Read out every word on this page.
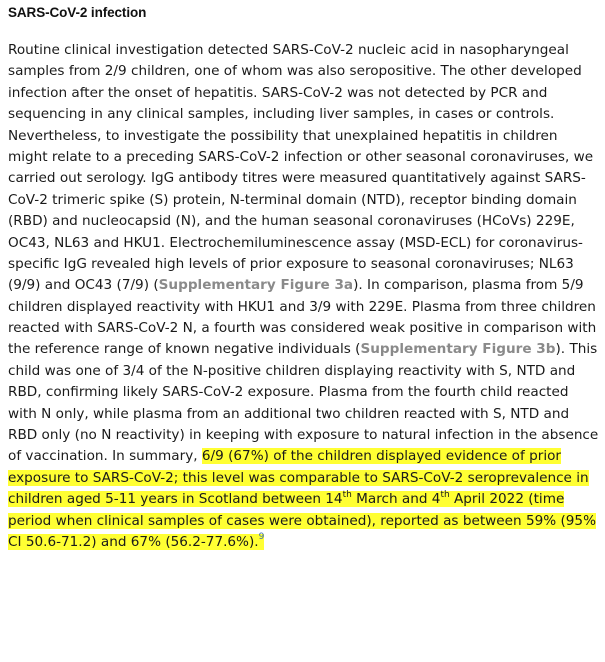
SARS-CoV-2 infection
Routine clinical investigation detected SARS-CoV-2 nucleic acid in nasopharyngeal
samples from 2/9 children, one of whom was also seropositive. The other developed
infection after the onset of hepatitis. SARS-CoV-2 was not detected by PCR and
sequencing in any clinical samples, including liver samples, in cases or controls.
Nevertheless, to investigate the possibility that unexplained hepatitis in children
might relate to a preceding SARS-CoV-2 infection or other seasonal coronaviruses, we
carried out serology. IgG antibody titres were measured quantitatively against SARS-
CoV-2 trimeric spike (S) protein, N-terminal domain (NTD), receptor binding domain
(RBD) and nucleocapsid (N), and the human seasonal coronaviruses (HCoVs) 229E,
OC43, NL63 and HKU1. Electrochemiluminescence assay (MSD-ECL) for coronavirus-
specific IgG revealed high levels of prior exposure to seasonal coronaviruses; NL63
(9/9) and OC43 (7/9) (Supplementary Figure 3a). In comparison, plasma from 5/9
children displayed reactivity with HKU1 and 3/9 with 229E. Plasma from three children
reacted with SARS-CoV-2 N, a fourth was considered weak positive in comparison with
the reference range of known negative individuals (Supplementary Figure 3b). This
child was one of 3/4 of the N-positive children displaying reactivity with S, NTD and
RBD, confirming likely SARS-CoV-2 exposure. Plasma from the fourth child reacted
with N only, while plasma from an additional two children reacted with S, NTD and
RBD only (no N reactivity) in keeping with exposure to natural infection in the absence
of vaccination. In summary, 6/9 (67%) of the children displayed evidence of prior
exposure to SARS-CoV-2; this level was comparable to SARS-CoV-2 seroprevalence in
children aged 5-11 years in Scotland between 14th March and 4th April 2022 (time
period when clinical samples of cases were obtained), reported as between 59% (95%
CI 50.6-71.2) and 67% (56.2-77.6%).$^9$
